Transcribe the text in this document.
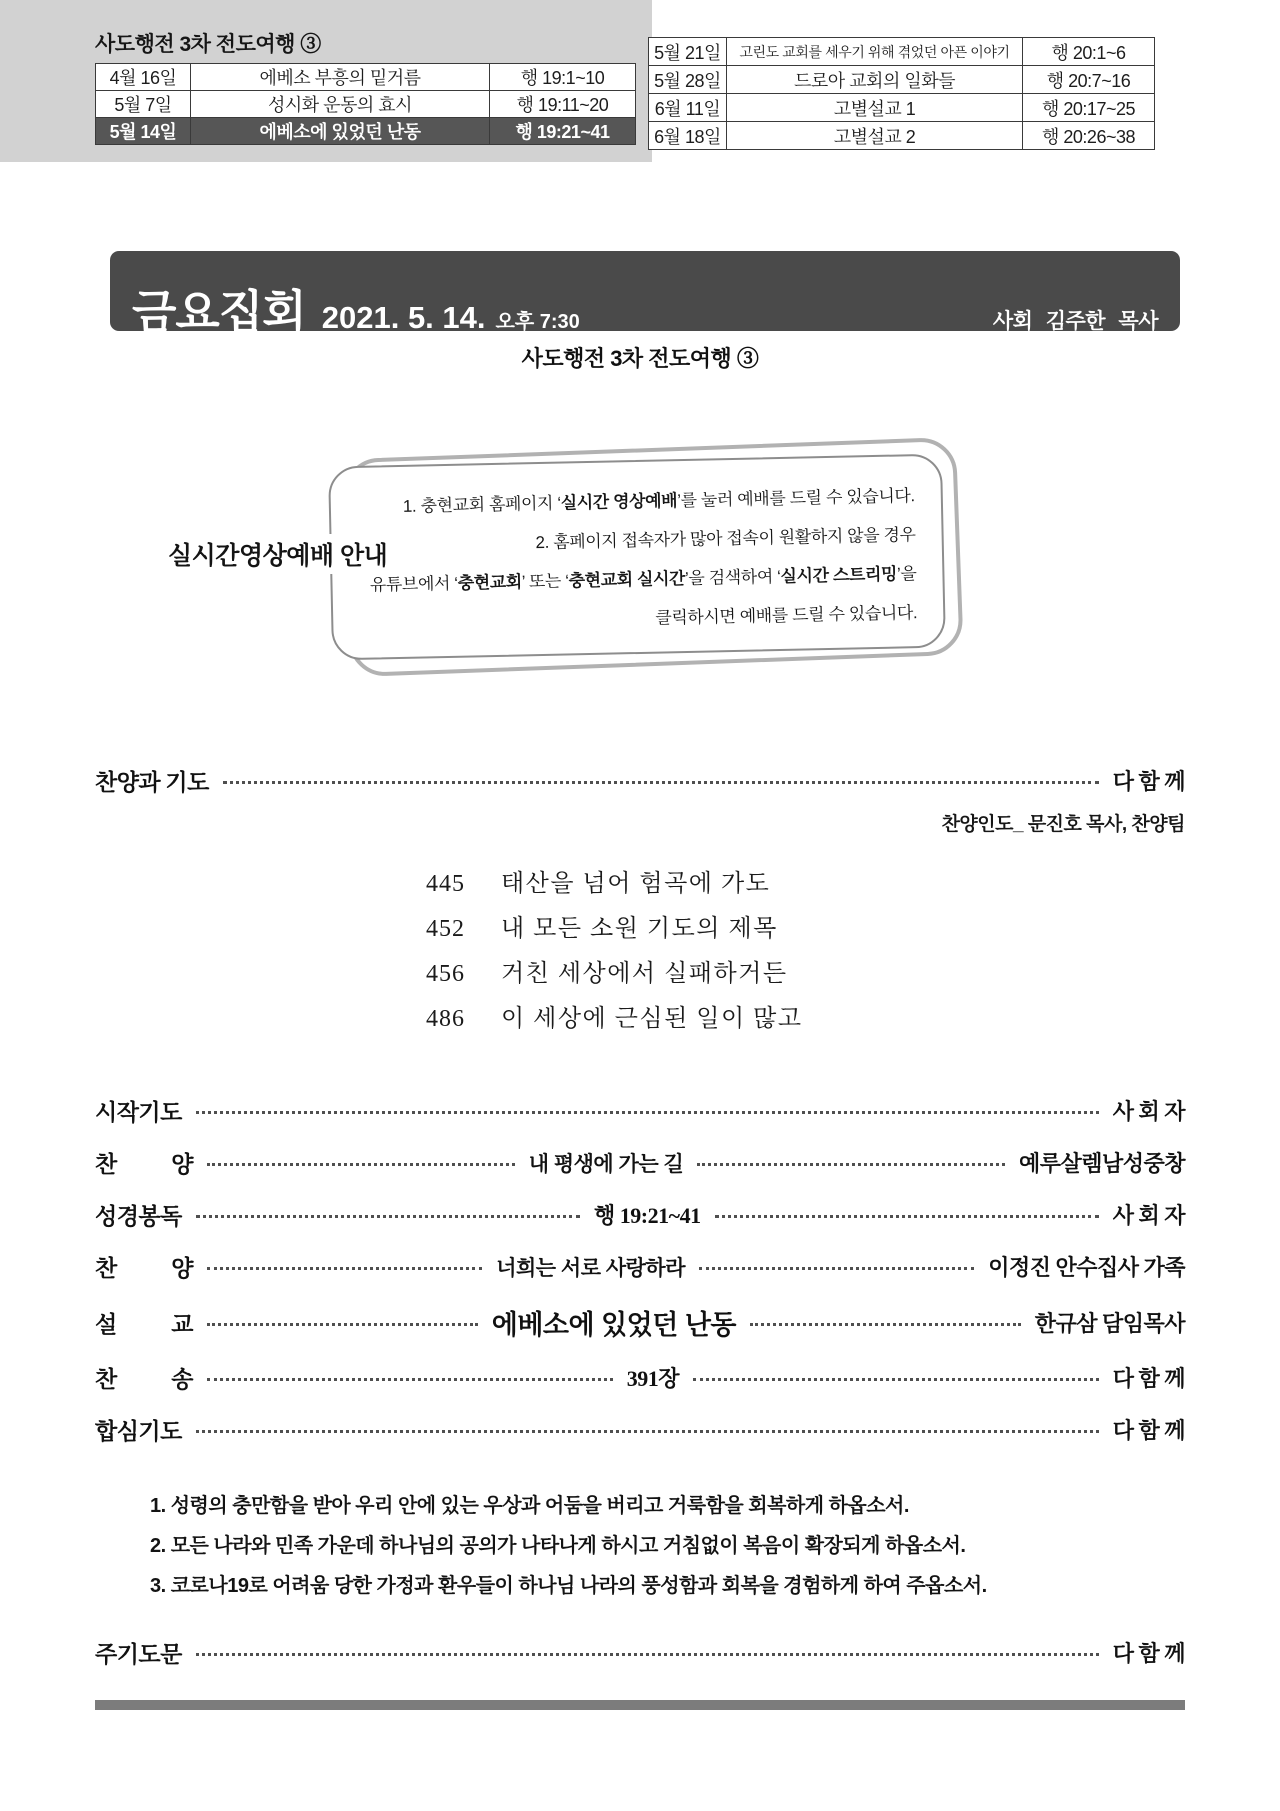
사도행전 3차 전도여행 ③
4월 16일	에베소 부흥의 밑거름	행 19:1~10
5월 7일	성시화 운동의 효시	행 19:11~20
5월 14일	에베소에 있었던 난동	행 19:21~41
5월 21일	고린도 교회를 세우기 위해 겪었던 아픈 이야기	행 20:1~6
5월 28일	드로아 교회의 일화들	행 20:7~16
6월 11일	고별설교 1	행 20:17~25
6월 18일	고별설교 2	행 20:26~38
금요집회 2021. 5. 14. 오후 7:30	사회 김주한 목사
사도행전 3차 전도여행 ③
1. 충현교회 홈페이지 ‘실시간 영상예배’를 눌러 예배를 드릴 수 있습니다.
2. 홈페이지 접속자가 많아 접속이 원활하지 않을 경우
유튜브에서 ‘충현교회’ 또는 ‘충현교회 실시간’을 검색하여 ‘실시간 스트리밍’을
클릭하시면 예배를 드릴 수 있습니다.
실시간영상예배 안내
찬양과 기도	다 함 께
찬양인도_ 문진호 목사, 찬양팀
445 태산을 넘어 험곡에 가도
452 내 모든 소원 기도의 제목
456 거친 세상에서 실패하거든
486 이 세상에 근심된 일이 많고
시작기도	사 회 자
찬 양	내 평생에 가는 길	예루살렘남성중창
성경봉독	행 19:21~41	사 회 자
찬 양	너희는 서로 사랑하라	이정진 안수집사 가족
설 교	에베소에 있었던 난동	한규삼 담임목사
찬 송	391장	다 함 께
합심기도	다 함 께
1. 성령의 충만함을 받아 우리 안에 있는 우상과 어둠을 버리고 거룩함을 회복하게 하옵소서.
2. 모든 나라와 민족 가운데 하나님의 공의가 나타나게 하시고 거침없이 복음이 확장되게 하옵소서.
3. 코로나19로 어려움 당한 가정과 환우들이 하나님 나라의 풍성함과 회복을 경험하게 하여 주옵소서.
주기도문	다 함 께
